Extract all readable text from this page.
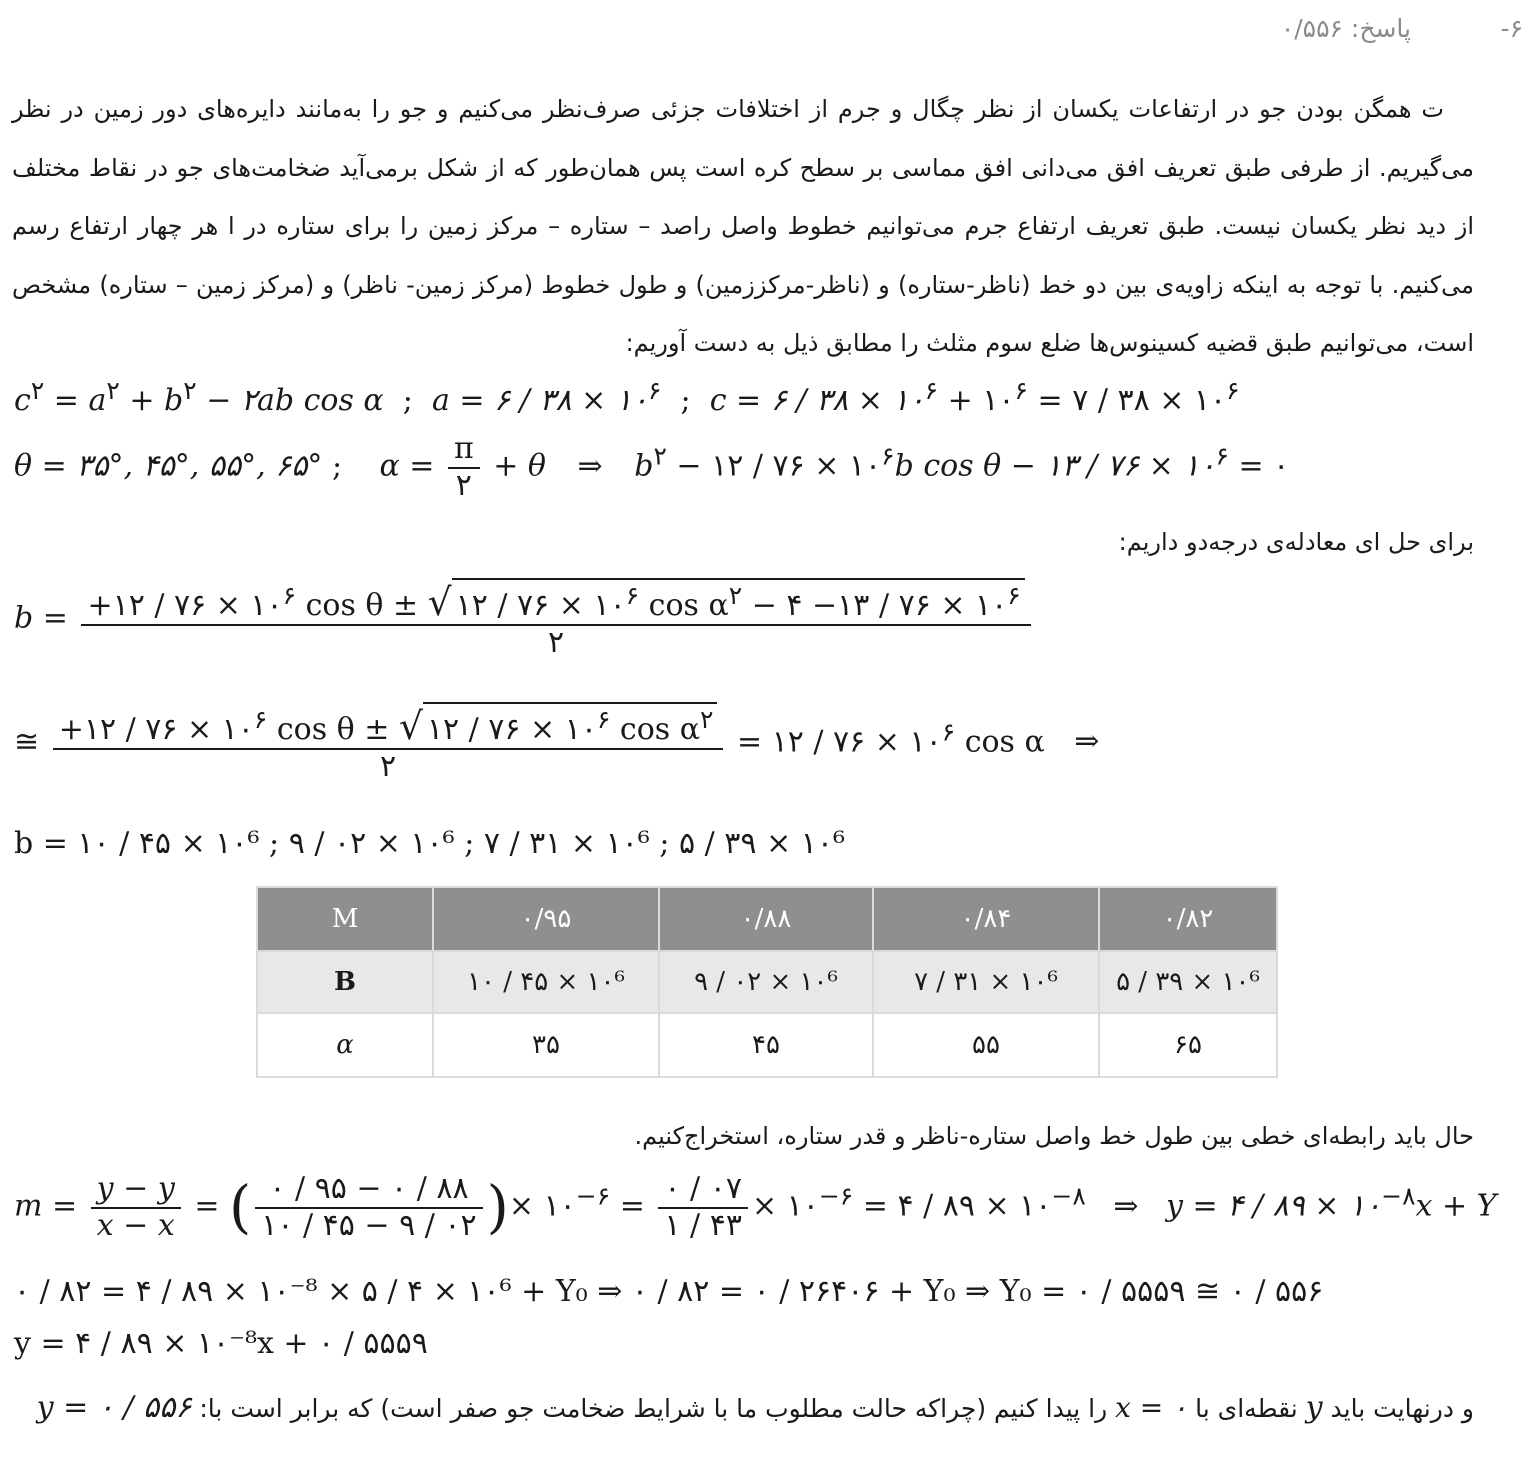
۶-
پاسخ: ۰/۵۵۶
ت همگن بودن جو در ارتفاعات یکسان از نظر چگال و جرم از اختلافات جزئی صرف‌نظر می‌کنیم و جو را به‌مانند دایره‌های دور زمین در نظر می‌گیریم. از طرفی طبق تعریف افق می‌دانی افق مماسی بر سطح کره است پس همان‌طور که از شکل برمی‌آید ضخامت‌های جو در نقاط مختلف از دید نظر یکسان نیست. طبق تعریف ارتفاع جرم می‌توانیم خطوط واصل راصد – ستاره – مرکز زمین را برای ستاره در ا هر چهار ارتفاع رسم می‌کنیم. با توجه به اینکه زاویه‌ی بین دو خط (ناظر-ستاره) و (ناظر-مرکززمین) و طول خطوط (مرکز زمین- ناظر) و (مرکز زمین – ستاره) مشخص است، می‌توانیم طبق قضیه کسینوس‌ها ضلع سوم مثلث را مطابق ذیل به دست آوریم:
$c^۲ = a^۲ + b^۲$ − ۲ab cos α  ;  a = ۶ / ۳۸ × $۱۰^۶$  ;  c = ۶ / ۳۸ × $۱۰^۶$ + $۱۰^۶$ = ۷ / ۳۸ × $۱۰^۶$
θ = ۳۵°, ۴۵°, ۵۵°, ۶۵° ; $\alpha = \frac{\pi}{۲} + \theta$ ⇒ $b^۲$ − ۱۲ / ۷۶ × $۱۰^۶b$ cos θ − ۱۳ / ۷۶ × $۱۰^۶$ = ۰
برای حل ای معادله‌ی درجه‌دو داریم:
b = +۱۲ / ۷۶ × $۱۰^۶$ cos θ ± √ ۱۲ / ۷۶ × $۱۰^۶$ $\cos \alpha^۲$ − ۴ −۱۳ / ۷۶ × $۱۰^۶$
۲
≅ $\frac{+۱۲ / ۷۶ \times ۱۰^۶ \cos \theta \pm √ ۱۲ / ۷۶ \times ۱۰^۶ \cos \alpha^۲}{۲}$ = ۱۲ / ۷۶ × $۱۰^۶$ cos α ⇒
b = ۱۰ / ۴۵ × ۱۰⁶ ; ۹ / ۰۲ × ۱۰⁶ ; ۷ / ۳۱ × ۱۰⁶ ; ۵ / ۳۹ × ۱۰⁶
M	۰/۹۵	۰/۸۸	۰/۸۴	۰/۸۲
B	۱۰ / ۴۵ × ۱۰⁶	۹ / ۰۲ × ۱۰⁶	۷ / ۳۱ × ۱۰⁶	۵ / ۳۹ × ۱۰⁶
α	۳۵	۴۵	۵۵	۶۵
حال باید رابطه‌ای خطی بین طول خط واصل ستاره-ناظر و قدر ستاره، استخراج‌کنیم.
$m = \frac{y - y}{x - x}$ = ( $\frac{۰ / ۹۵ - ۰ / ۸۸}{۱۰ / ۴۵ - ۹ / ۰۲}$ )× $۱۰^{-۶} = \frac{۰ / ۰۷}{۱ / ۴۳}$ × $۱۰^{-۶}$ = ۴ / ۸۹ × $۱۰^{-۸}$ ⇒ y = ۴ / ۸۹ × $۱۰^{-۸}x + Y$
۰ / ۸۲ = ۴ / ۸۹ × ۱۰⁻⁸ × ۵ / ۴ × ۱۰⁶ + Y₀ ⇒ ۰ / ۸۲ = ۰ / ۲۶۴۰۶ + Y₀ ⇒ Y₀ = ۰ / ۵۵۵۹ ≅ ۰ / ۵۵۶
y = ۴ / ۸۹ × ۱۰⁻⁸x + ۰ / ۵۵۵۹
و درنهایت باید y نقطه‌ای با x = ۰ را پیدا کنیم (چراکه حالت مطلوب ما با شرایط ضخامت جو صفر است) که برابر است با: y = ۰ / ۵۵۶
